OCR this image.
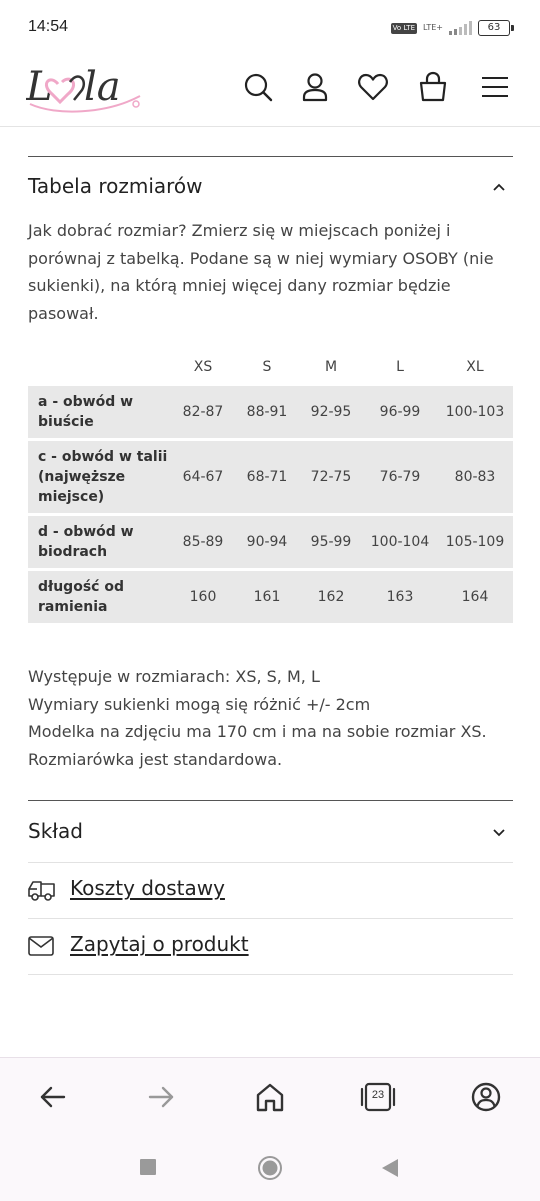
14:54	Vo LTE LTE+	63
L la
Tabela rozmiarów

Jak dobrać rozmiar? Zmierz się w miejscach poniżej i porównaj z tabelką. Podane są w niej wymiary OSOBY (nie sukienki), na którą mniej więcej dany rozmiar będzie pasował.

	XS	S	M	L	XL
a - obwód w biuście	82-87	88-91	92-95	96-99	100-103
c - obwód w talii (najwęższe miejsce)	64-67	68-71	72-75	76-79	80-83
d - obwód w biodrach	85-89	90-94	95-99	100-104	105-109
długość od ramienia	160	161	162	163	164
Występuje w rozmiarach: XS, S, M, L
Wymiary sukienki mogą się różnić +/- 2cm
Modelka na zdjęciu ma 170 cm i ma na sobie rozmiar XS. Rozmiarówka jest standardowa.
Skład
Koszty dostawy
Zapytaj o produkt
23
